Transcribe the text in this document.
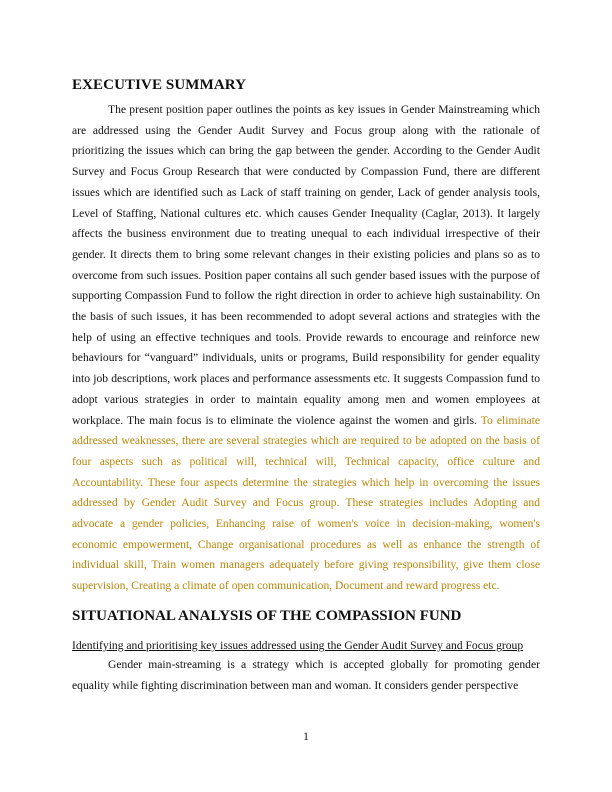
EXECUTIVE SUMMARY

The present position paper outlines the points as key issues in Gender Mainstreaming which are addressed using the Gender Audit Survey and Focus group along with the rationale of prioritizing the issues which can bring the gap between the gender. According to the Gender Audit Survey and Focus Group Research that were conducted by Compassion Fund, there are different issues which are identified such as Lack of staff training on gender, Lack of gender analysis tools, Level of Staffing, National cultures etc. which causes Gender Inequality (Caglar, 2013). It largely affects the business environment due to treating unequal to each individual irrespective of their gender. It directs them to bring some relevant changes in their existing policies and plans so as to overcome from such issues. Position paper contains all such gender based issues with the purpose of supporting Compassion Fund to follow the right direction in order to achieve high sustainability. On the basis of such issues, it has been recommended to adopt several actions and strategies with the help of using an effective techniques and tools. Provide rewards to encourage and reinforce new behaviours for “vanguard” individuals, units or programs, Build responsibility for gender equality into job descriptions, work places and performance assessments etc. It suggests Compassion fund to adopt various strategies in order to maintain equality among men and women employees at workplace. The main focus is to eliminate the violence against the women and girls. To eliminate addressed weaknesses, there are several strategies which are required to be adopted on the basis of four aspects such as political will, technical will, Technical capacity, office culture and Accountability. These four aspects determine the strategies which help in overcoming the issues addressed by Gender Audit Survey and Focus group. These strategies includes Adopting and advocate a gender policies, Enhancing raise of women's voice in decision-making, women's economic empowerment, Change organisational procedures as well as enhance the strength of individual skill, Train women managers adequately before giving responsibility, give them close supervision, Creating a climate of open communication, Document and reward progress etc.

SITUATIONAL ANALYSIS OF THE COMPASSION FUND
Identifying and prioritising key issues addressed using the Gender Audit Survey and Focus group

Gender main-streaming is a strategy which is accepted globally for promoting gender equality while fighting discrimination between man and woman. It considers gender perspective

1
